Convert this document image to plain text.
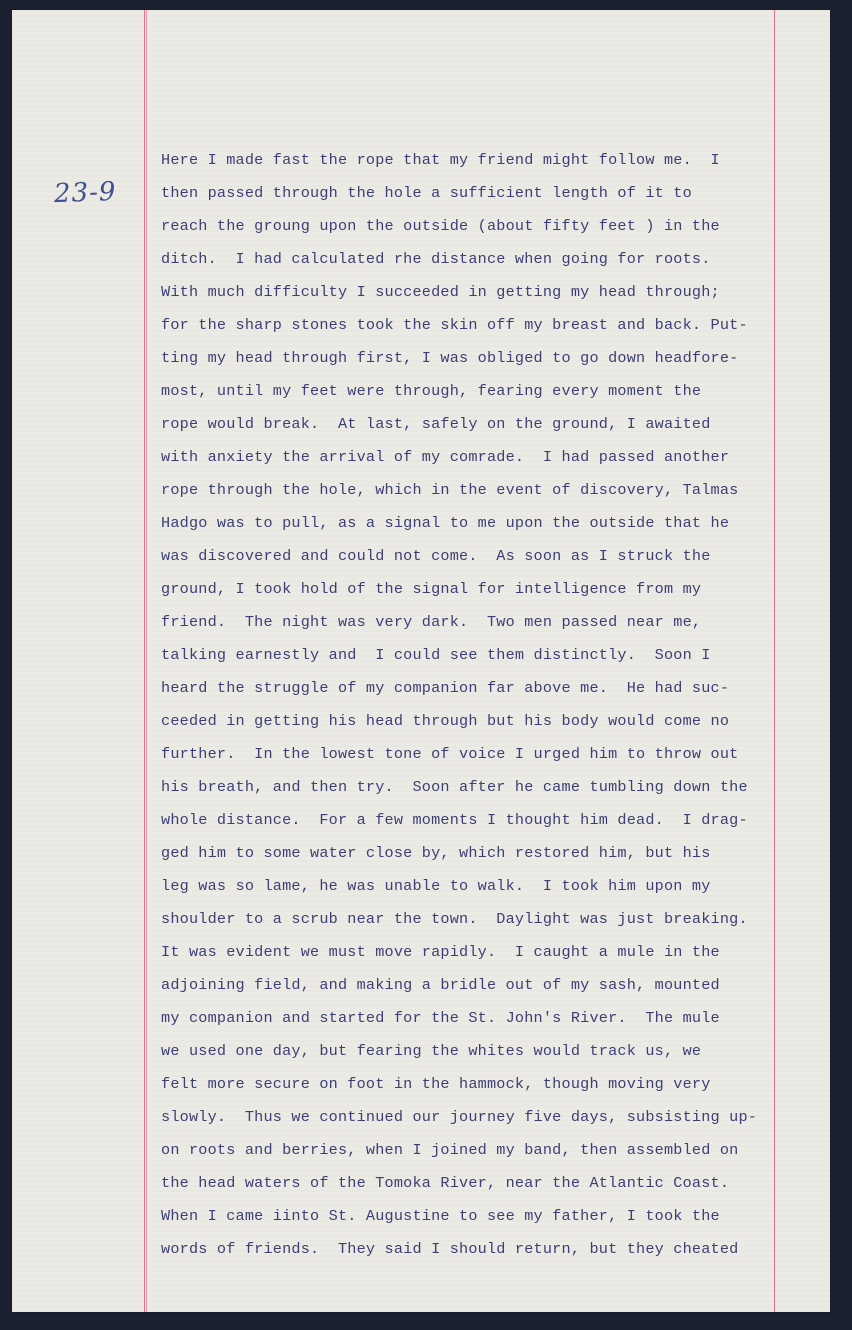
23-9
Here I made fast the rope that my friend might follow me.  I
then passed through the hole a sufficient length of it to
reach the groung upon the outside (about fifty feet ) in the
ditch.  I had calculated rhe distance when going for roots.
With much difficulty I succeeded in getting my head through;
for the sharp stones took the skin off my breast and back. Put-
ting my head through first, I was obliged to go down headfore-
most, until my feet were through, fearing every moment the
rope would break.  At last, safely on the ground, I awaited
with anxiety the arrival of my comrade.  I had passed another
rope through the hole, which in the event of discovery, Talmas
Hadgo was to pull, as a signal to me upon the outside that he
was discovered and could not come.  As soon as I struck the
ground, I took hold of the signal for intelligence from my
friend.  The night was very dark.  Two men passed near me,
talking earnestly and  I could see them distinctly.  Soon I
heard the struggle of my companion far above me.  He had suc-
ceeded in getting his head through but his body would come no
further.  In the lowest tone of voice I urged him to throw out
his breath, and then try.  Soon after he came tumbling down the
whole distance.  For a few moments I thought him dead.  I drag-
ged him to some water close by, which restored him, but his
leg was so lame, he was unable to walk.  I took him upon my
shoulder to a scrub near the town.  Daylight was just breaking.
It was evident we must move rapidly.  I caught a mule in the
adjoining field, and making a bridle out of my sash, mounted
my companion and started for the St. John's River.  The mule
we used one day, but fearing the whites would track us, we
felt more secure on foot in the hammock, though moving very
slowly.  Thus we continued our journey five days, subsisting up-
on roots and berries, when I joined my band, then assembled on
the head waters of the Tomoka River, near the Atlantic Coast.
When I came iinto St. Augustine to see my father, I took the
words of friends.  They said I should return, but they cheated
